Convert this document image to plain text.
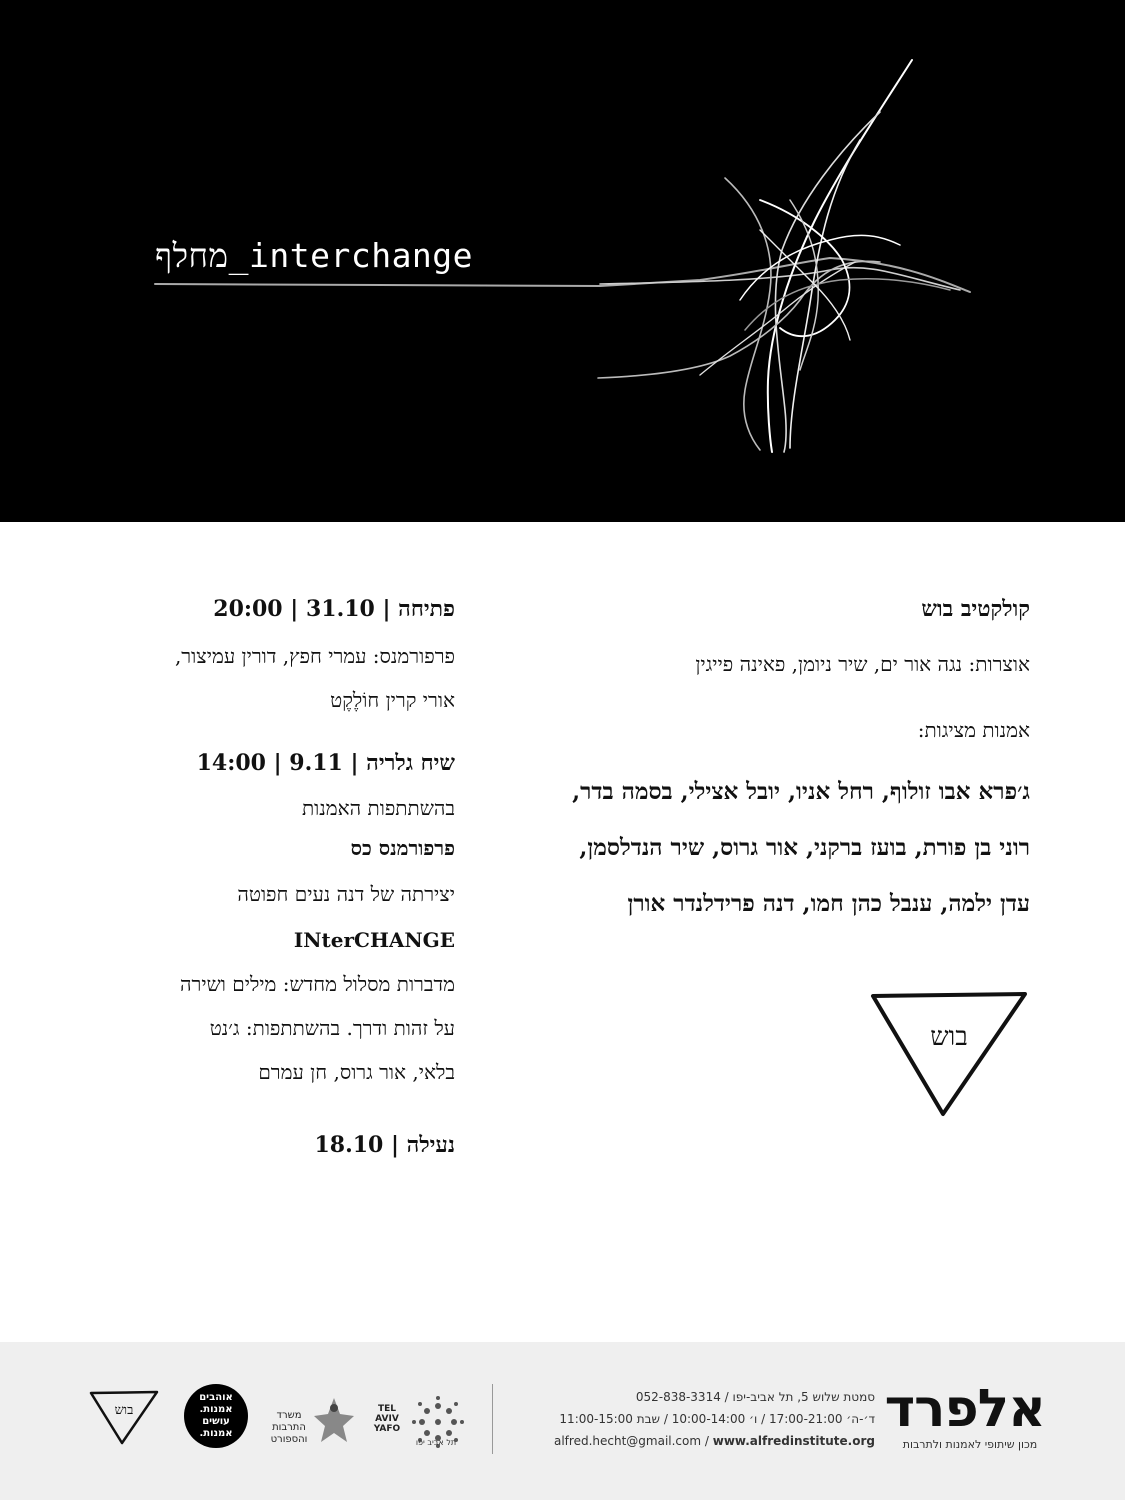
מחלף_interchange

קולקטיב בוש

אוצרות: נגה אור ים, שיר ניומן, פאינה פייגין

אמנות מציגות:

ג׳פרא אבו זולוף, רחל אניו, יובל אצילי, בסמה בדר,

רוני בן פורת, בועז ברקני, אור גרוס, שיר הנדלסמן,

עדן ילמה, ענבל כהן חמו, דנה פרידלנדר אורן

פתיחה | 31.10 | 20:00

פרפורמנס: עמרי חפץ, דורין עמיצור,

אורי קרין חוֹלֶקֶט

שיח גלריה | 9.11 | 14:00

בהשתתפות האמנות

פרפורמנס כס

יצירתה של דנה נעים חפוטה

INterCHANGE

מדברות מסלול מחדש: מילים ושירה

על זהות ודרך. בהשתתפות: ג׳נט

בלאי, אור גרוס, חן עמרם

נעילה | 18.10

בוש
אלפרד
מכון שיתופי לאמנות ולתרבות
סמטת שלוש 5, תל אביב-יפו / 052-838-3314
ד׳-ה׳ 17:00-21:00 / ו׳ 10:00-14:00 / שבת 11:00-15:00
www.alfredinstitute.org / alfred.hecht@gmail.com
TEL AVIV YAFO
תל אביב יפו
משרד התרבות והספורט
אוהבים
אמנות.
עושים
אמנות.
בוש
